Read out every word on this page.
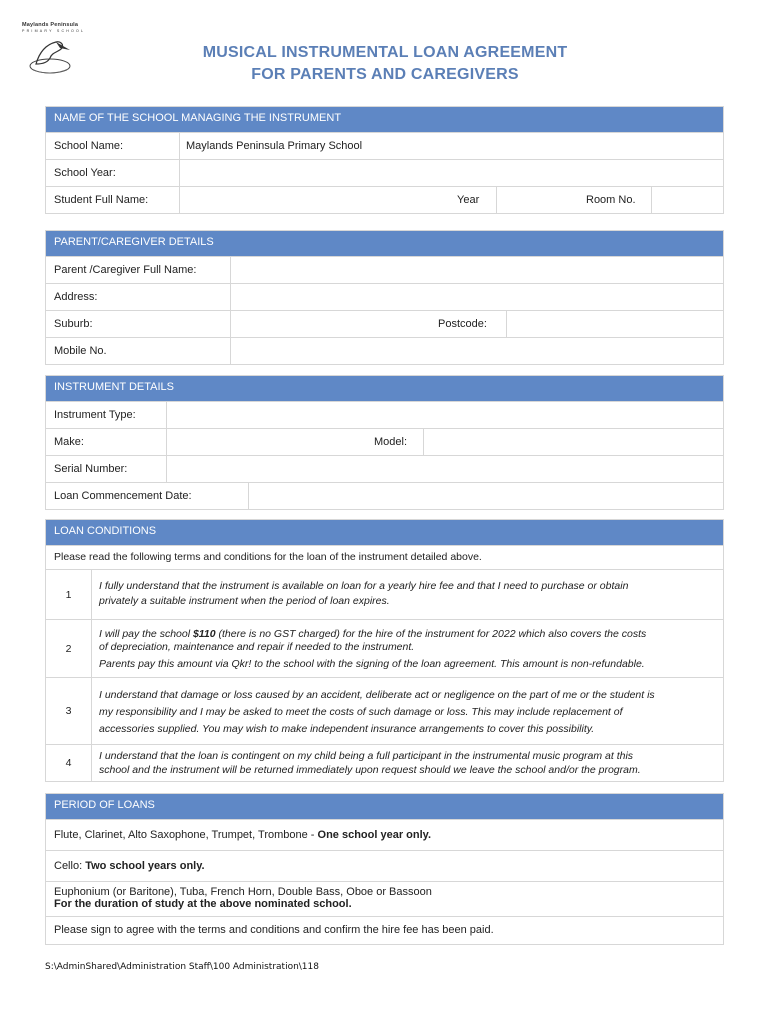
Maylands Peninsula
PRIMARY SCHOOL
MUSICAL INSTRUMENTAL LOAN AGREEMENT
FOR PARENTS AND CAREGIVERS
NAME OF THE SCHOOL MANAGING THE INSTRUMENT
School Name:	Maylands Peninsula Primary School
School Year:
Student Full Name:	Year	Room No.
PARENT/CAREGIVER DETAILS
Parent /Caregiver Full Name:
Address:
Suburb:	Postcode:
Mobile No.
INSTRUMENT DETAILS
Instrument Type:
Make:	Model:
Serial Number:
Loan Commencement Date:
LOAN CONDITIONS
Please read the following terms and conditions for the loan of the instrument detailed above.
1
I fully understand that the instrument is available on loan for a yearly hire fee and that I need to purchase or obtain
privately a suitable instrument when the period of loan expires.
2
I will pay the school $110 (there is no GST charged) for the hire of the instrument for 2022 which also covers the costs
of depreciation, maintenance and repair if needed to the instrument.
Parents pay this amount via Qkr! to the school with the signing of the loan agreement. This amount is non-refundable.
3
I understand that damage or loss caused by an accident, deliberate act or negligence on the part of me or the student is
my responsibility and I may be asked to meet the costs of such damage or loss. This may include replacement of
accessories supplied. You may wish to make independent insurance arrangements to cover this possibility.
4
I understand that the loan is contingent on my child being a full participant in the instrumental music program at this
school and the instrument will be returned immediately upon request should we leave the school and/or the program.
PERIOD OF LOANS
Flute, Clarinet, Alto Saxophone, Trumpet, Trombone - One school year only.
Cello: Two school years only.
Euphonium (or Baritone), Tuba, French Horn, Double Bass, Oboe or Bassoon
For the duration of study at the above nominated school.
Please sign to agree with the terms and conditions and confirm the hire fee has been paid.
S:\AdminShared\Administration Staff\100 Administration\118
